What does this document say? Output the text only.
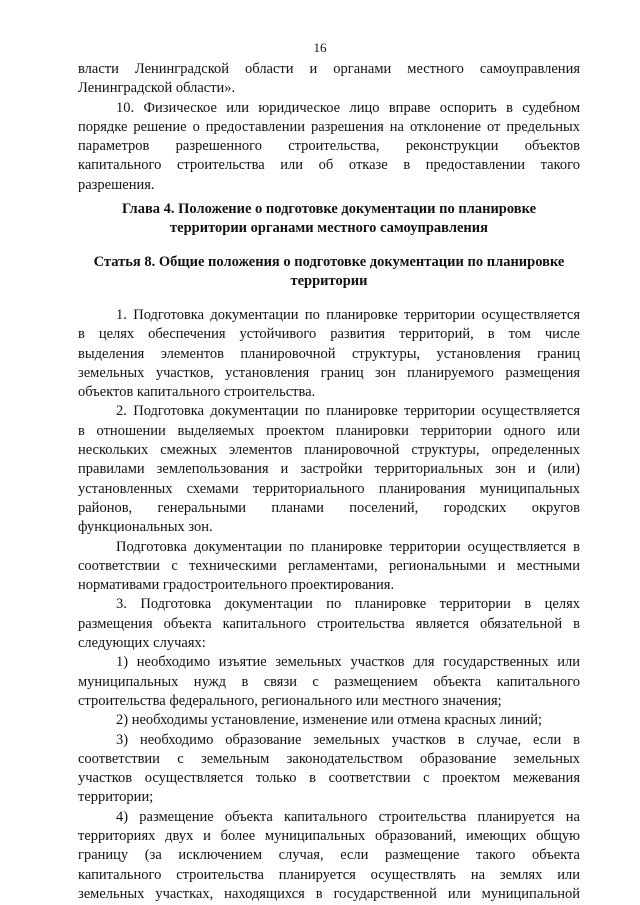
16
власти Ленинградской области и органами местного самоуправления
Ленинградской области».
10. Физическое или юридическое лицо вправе оспорить в судебном
порядке решение о предоставлении разрешения на отклонение от предельных
параметров разрешенного строительства, реконструкции объектов
капитального строительства или об отказе в предоставлении такого
разрешения.
Глава 4. Положение о подготовке документации по планировке
территории органами местного самоуправления
Статья 8. Общие положения о подготовке документации по планировке
территории
1. Подготовка документации по планировке территории осуществляется
в целях обеспечения устойчивого развития территорий, в том числе
выделения элементов планировочной структуры, установления границ
земельных участков, установления границ зон планируемого размещения
объектов капитального строительства.
2. Подготовка документации по планировке территории осуществляется
в отношении выделяемых проектом планировки территории одного или
нескольких смежных элементов планировочной структуры, определенных
правилами землепользования и застройки территориальных зон и (или)
установленных схемами территориального планирования муниципальных
районов, генеральными планами поселений, городских округов
функциональных зон.
Подготовка документации по планировке территории осуществляется в
соответствии с техническими регламентами, региональными и местными
нормативами градостроительного проектирования.
3. Подготовка документации по планировке территории в целях
размещения объекта капитального строительства является обязательной в
следующих случаях:
1) необходимо изъятие земельных участков для государственных или
муниципальных нужд в связи с размещением объекта капитального
строительства федерального, регионального или местного значения;
2) необходимы установление, изменение или отмена красных линий;
3) необходимо образование земельных участков в случае, если в
соответствии с земельным законодательством образование земельных
участков осуществляется только в соответствии с проектом межевания
территории;
4) размещение объекта капитального строительства планируется на
территориях двух и более муниципальных образований, имеющих общую
границу (за исключением случая, если размещение такого объекта
капитального строительства планируется осуществлять на землях или
земельных участках, находящихся в государственной или муниципальной
